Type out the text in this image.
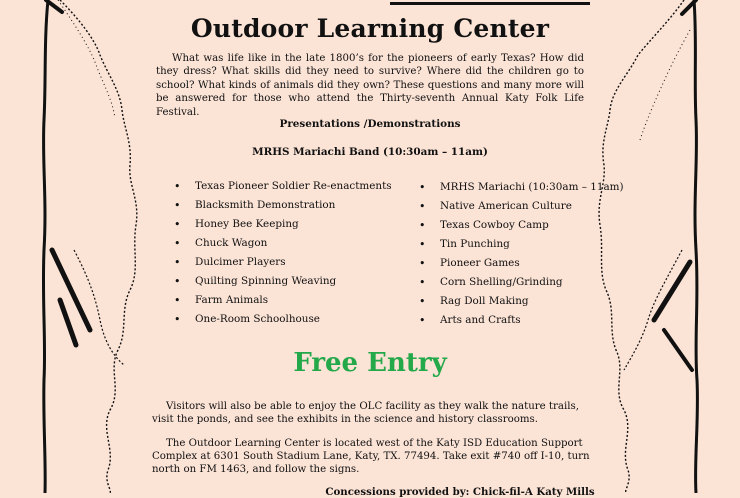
Outdoor Learning Center
What was life like in the late 1800’s for the pioneers of early Texas? How did they dress? What skills did they need to survive? Where did the children go to school? What kinds of animals did they own? These questions and many more will be answered for those who attend the Thirty-seventh Annual Katy Folk Life Festival.
Presentations /Demonstrations
MRHS Mariachi Band (10:30am – 11am)
• Texas Pioneer Soldier Re-enactments
• Blacksmith Demonstration
• Honey Bee Keeping
• Chuck Wagon
• Dulcimer Players
• Quilting Spinning Weaving
• Farm Animals
• One-Room Schoolhouse
• MRHS Mariachi (10:30am – 11am)
• Native American Culture
• Texas Cowboy Camp
• Tin Punching
• Pioneer Games
• Corn Shelling/Grinding
• Rag Doll Making
• Arts and Crafts
Free Entry
Visitors will also be able to enjoy the OLC facility as they walk the nature trails, visit the ponds, and see the exhibits in the science and history classrooms.
The Outdoor Learning Center is located west of the Katy ISD Education Support Complex at 6301 South Stadium Lane, Katy, TX. 77494. Take exit #740 off I-10, turn north on FM 1463, and follow the signs.
Concessions provided by: Chick-fil-A Katy Mills
